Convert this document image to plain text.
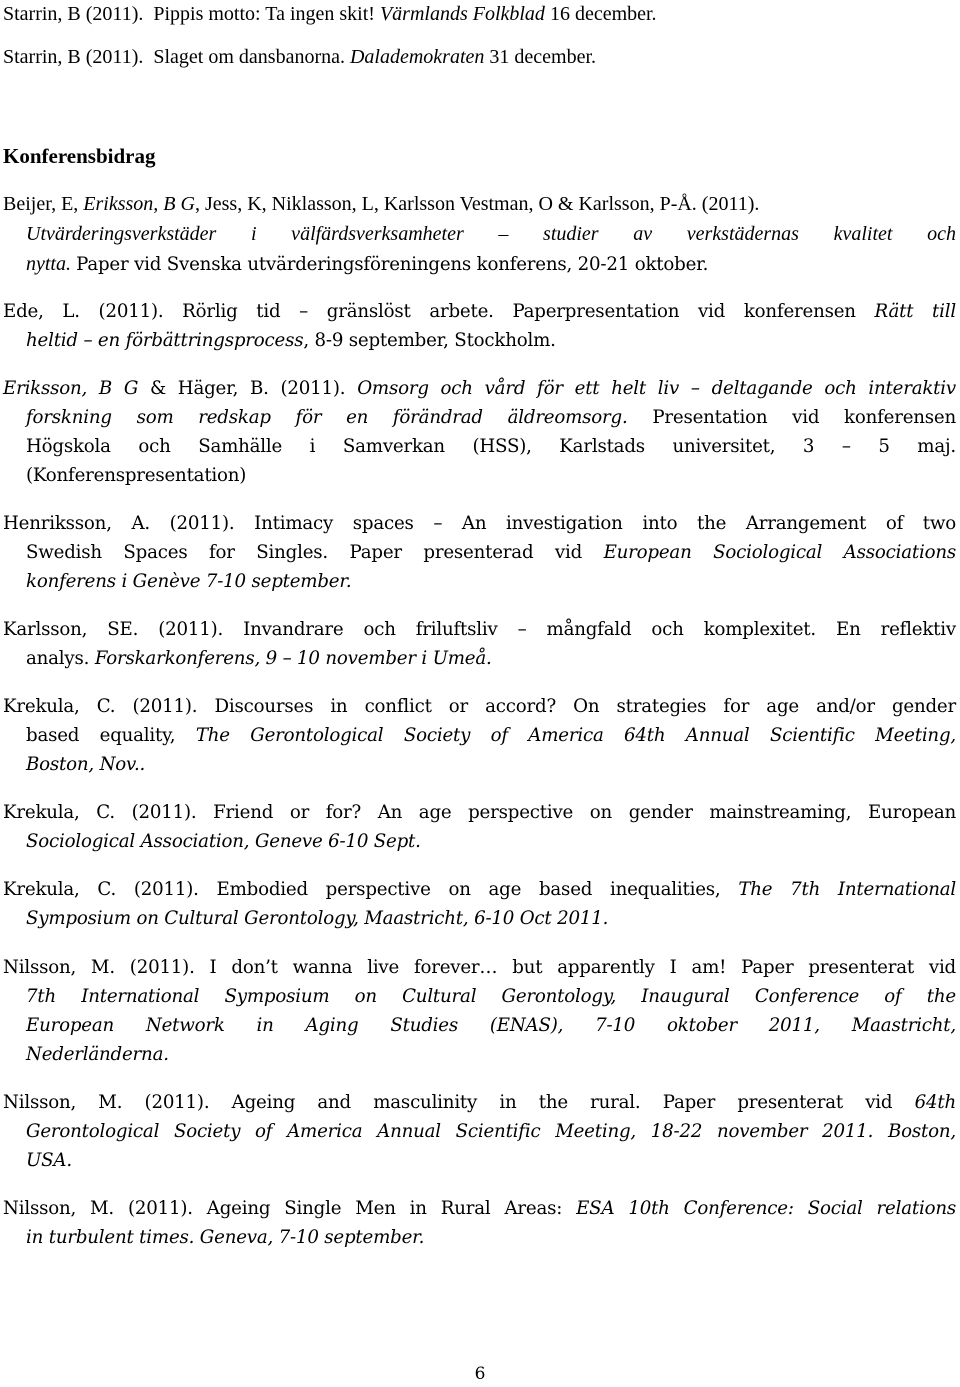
Starrin, B (2011). Pippis motto: Ta ingen skit! Värmlands Folkblad 16 december.
Starrin, B (2011). Slaget om dansbanorna. Dalademokraten 31 december.
Konferensbidrag
Beijer, E, Eriksson, B G, Jess, K, Niklasson, L, Karlsson Vestman, O & Karlsson, P-Å. (2011).
Utvärderingsverkstäder i välfärdsverksamheter – studier av verkstädernas kvalitet och
nytta. Paper vid Svenska utvärderingsföreningens konferens, 20-21 oktober.
Ede, L. (2011). Rörlig tid – gränslöst arbete. Paperpresentation vid konferensen Rätt till
heltid – en förbättringsprocess, 8-9 september, Stockholm.
Eriksson, B G & Häger, B. (2011). Omsorg och vård för ett helt liv – deltagande och interaktiv
forskning som redskap för en förändrad äldreomsorg. Presentation vid konferensen
Högskola och Samhälle i Samverkan (HSS), Karlstads universitet, 3 – 5 maj.
(Konferenspresentation)
Henriksson, A. (2011). Intimacy spaces – An investigation into the Arrangement of two
Swedish Spaces for Singles. Paper presenterad vid European Sociological Associations
konferens i Genève 7-10 september.
Karlsson, SE. (2011). Invandrare och friluftsliv – mångfald och komplexitet. En reflektiv
analys. Forskarkonferens, 9 – 10 november i Umeå.
Krekula, C. (2011). Discourses in conflict or accord? On strategies for age and/or gender
based equality, The Gerontological Society of America 64th Annual Scientific Meeting,
Boston, Nov..
Krekula, C. (2011). Friend or for? An age perspective on gender mainstreaming, European
Sociological Association, Geneve 6-10 Sept.
Krekula, C. (2011). Embodied perspective on age based inequalities, The 7th International
Symposium on Cultural Gerontology, Maastricht, 6-10 Oct 2011.
Nilsson, M. (2011). I don’t wanna live forever… but apparently I am! Paper presenterat vid
7th International Symposium on Cultural Gerontology, Inaugural Conference of the
European Network in Aging Studies (ENAS), 7-10 oktober 2011, Maastricht,
Nederländerna.
Nilsson, M. (2011). Ageing and masculinity in the rural. Paper presenterat vid 64th
Gerontological Society of America Annual Scientific Meeting, 18-22 november 2011. Boston,
USA.
Nilsson, M. (2011). Ageing Single Men in Rural Areas: ESA 10th Conference: Social relations
in turbulent times. Geneva, 7-10 september.
6
